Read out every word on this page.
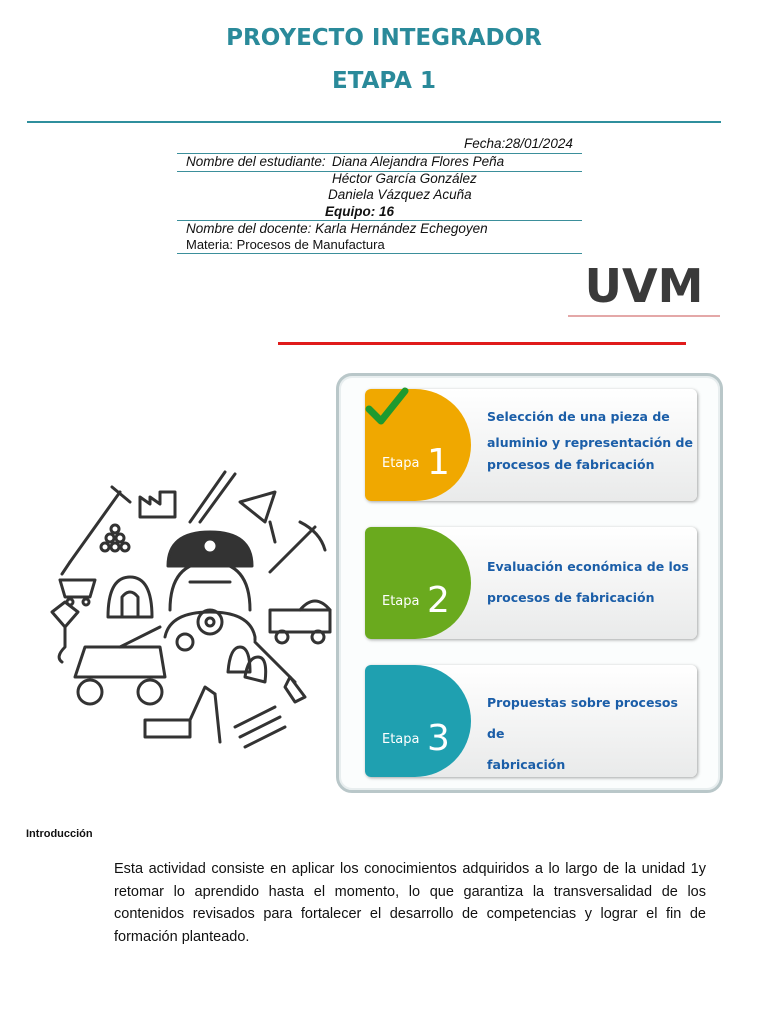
PROYECTO INTEGRADOR
ETAPA 1
Fecha:28/01/2024
Nombre del estudiante: Diana Alejandra Flores Peña
Héctor García González
Daniela Vázquez Acuña
Equipo: 16
Nombre del docente: Karla Hernández Echegoyen
Materia: Procesos de Manufactura
UVM
Etapa 1
Selección de una pieza de
aluminio y representación de
procesos de fabricación
Etapa 2
Evaluación económica de los
procesos de fabricación
Etapa 3
Propuestas sobre procesos de
fabricación
Introducción

Esta actividad consiste en aplicar los conocimientos adquiridos a lo largo de la unidad 1y retomar lo aprendido hasta el momento, lo que garantiza la transversalidad de los contenidos revisados para fortalecer el desarrollo de competencias y lograr el fin de formación planteado.
